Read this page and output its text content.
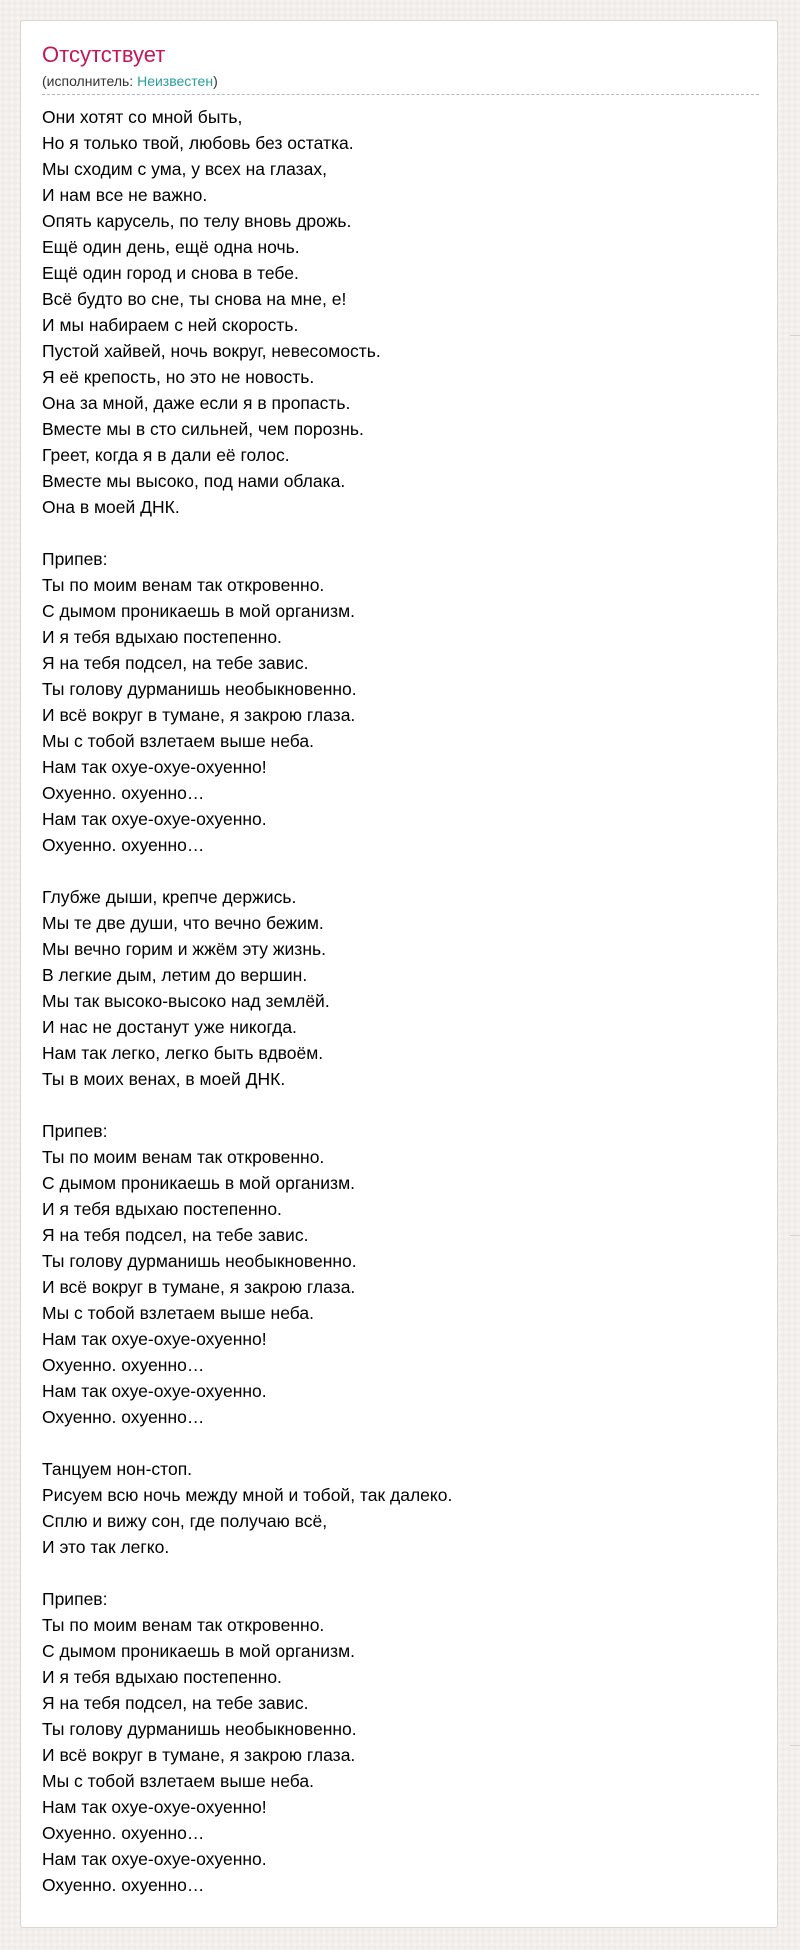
Отсутствует
(исполнитель: Неизвестен)
Они хотят со мной быть,
Но я только твой, любовь без остатка.
Мы сходим с ума, у всех на глазах,
И нам все не важно.
Опять карусель, по телу вновь дрожь.
Ещё один день, ещё одна ночь.
Ещё один город и снова в тебе.
Всё будто во сне, ты снова на мне, е!
И мы набираем с ней скорость.
Пустой хайвей, ночь вокруг, невесомость.
Я её крепость, но это не новость.
Она за мной, даже если я в пропасть.
Вместе мы в сто сильней, чем порознь.
Греет, когда я в дали её голос.
Вместе мы высоко, под нами облака.
Она в моей ДНК.
Припев:
Ты по моим венам так откровенно.
С дымом проникаешь в мой организм.
И я тебя вдыхаю постепенно.
Я на тебя подсел, на тебе завис.
Ты голову дурманишь необыкновенно.
И всё вокруг в тумане, я закрою глаза.
Мы с тобой взлетаем выше неба.
Нам так охуе-охуе-охуенно!
Охуенно. охуенно…
Нам так охуе-охуе-охуенно.
Охуенно. охуенно…
Глубже дыши, крепче держись.
Мы те две души, что вечно бежим.
Мы вечно горим и жжём эту жизнь.
В легкие дым, летим до вершин.
Мы так высоко-высоко над землёй.
И нас не достанут уже никогда.
Нам так легко, легко быть вдвоём.
Ты в моих венах, в моей ДНК.
Припев:
Ты по моим венам так откровенно.
С дымом проникаешь в мой организм.
И я тебя вдыхаю постепенно.
Я на тебя подсел, на тебе завис.
Ты голову дурманишь необыкновенно.
И всё вокруг в тумане, я закрою глаза.
Мы с тобой взлетаем выше неба.
Нам так охуе-охуе-охуенно!
Охуенно. охуенно…
Нам так охуе-охуе-охуенно.
Охуенно. охуенно…
Танцуем нон-стоп.
Рисуем всю ночь между мной и тобой, так далеко.
Сплю и вижу сон, где получаю всё,
И это так легко.
Припев:
Ты по моим венам так откровенно.
С дымом проникаешь в мой организм.
И я тебя вдыхаю постепенно.
Я на тебя подсел, на тебе завис.
Ты голову дурманишь необыкновенно.
И всё вокруг в тумане, я закрою глаза.
Мы с тобой взлетаем выше неба.
Нам так охуе-охуе-охуенно!
Охуенно. охуенно…
Нам так охуе-охуе-охуенно.
Охуенно. охуенно…
